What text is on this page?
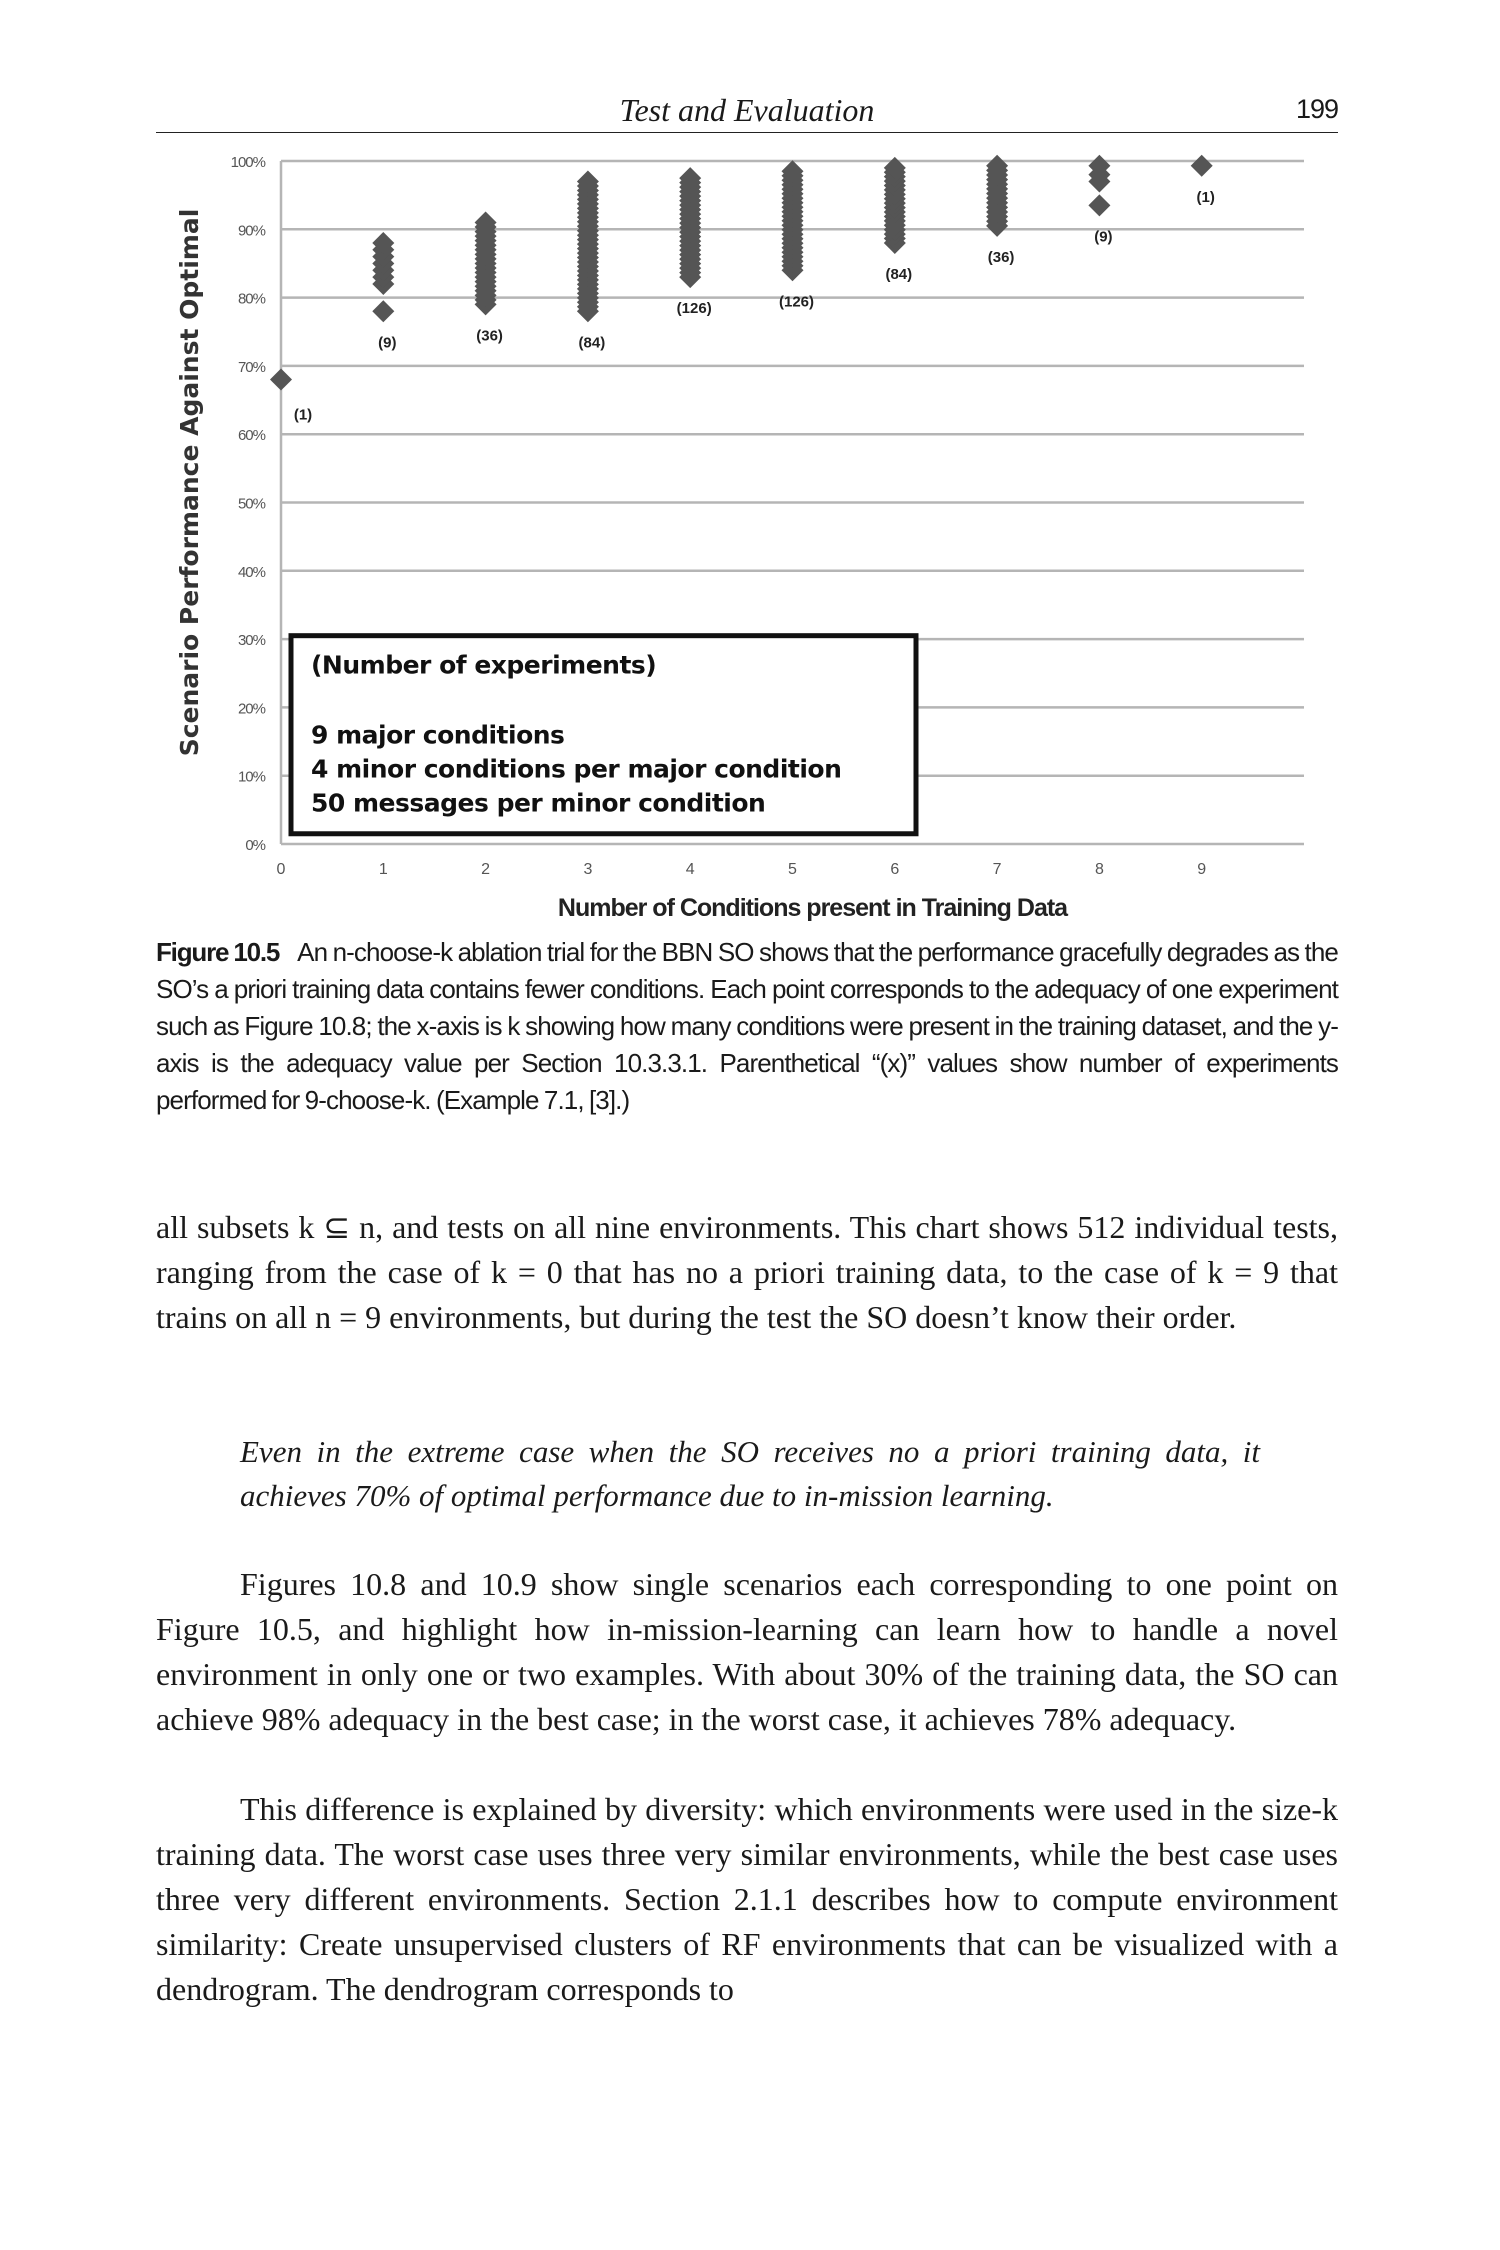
Test and Evaluation	199
0%
10%
20%
30%
40%
50%
60%
70%
80%
90%
100%
0	1	2	3	4	5	6	7	8	9
Number of Conditions present in Training Data
Scenario Performance Against Optimal	(Number of experiments)
9 major conditions
4 minor conditions per major condition
50 messages per minor condition
(1)
(9)	(36)	(84)
(126)	(126)
(84)
(36)
(9)
(1)
Figure 10.5 An n-choose-k ablation trial for the BBN SO shows that the performance gracefully degrades as the SO’s a priori training data contains fewer conditions. Each point corresponds to the adequacy of one experiment such as Figure 10.8; the x-axis is k showing how many conditions were present in the training dataset, and the y-axis is the adequacy value per Section 10.3.3.1. Parenthetical “(x)” values show number of experiments performed for 9-choose-k. (Example 7.1, [3].)
all subsets k ⊆ n, and tests on all nine environments. This chart shows 512 individual tests, ranging from the case of k = 0 that has no a priori training data, to the case of k = 9 that trains on all n = 9 environments, but during the test the SO doesn’t know their order.
Even in the extreme case when the SO receives no a priori training data, it achieves 70% of optimal performance due to in-mission learning.
Figures 10.8 and 10.9 show single scenarios each corresponding to one point on Figure 10.5, and highlight how in-mission-learning can learn how to handle a novel environment in only one or two examples. With about 30% of the training data, the SO can achieve 98% adequacy in the best case; in the worst case, it achieves 78% adequacy.
This difference is explained by diversity: which environments were used in the size-k training data. The worst case uses three very similar environments, while the best case uses three very different environments. Section 2.1.1 describes how to compute environment similarity: Create unsupervised clusters of RF environments that can be visualized with a dendrogram. The dendrogram corresponds to
